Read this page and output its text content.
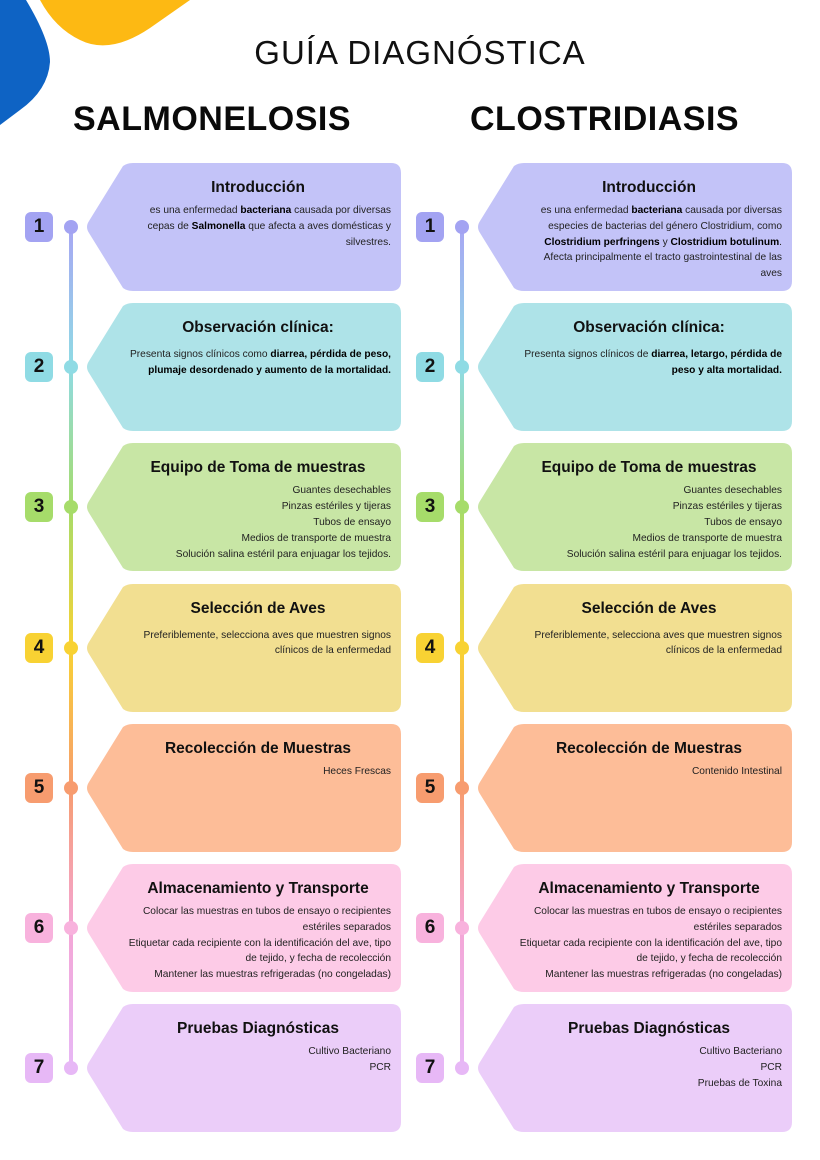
GUÍA DIAGNÓSTICA
SALMONELOSIS
1
Introducción
es una enfermedad bacteriana causada por diversas
cepas de Salmonella que afecta a aves domésticas y
silvestres.
2
Observación clínica:
Presenta signos clínicos como diarrea, pérdida de peso,
plumaje desordenado y aumento de la mortalidad.
3
Equipo de Toma de muestras
Guantes desechables
Pinzas estériles y tijeras
Tubos de ensayo
Medios de transporte de muestra
Solución salina estéril para enjuagar los tejidos.
4
Selección de Aves
Preferiblemente, selecciona aves que muestren signos
clínicos de la enfermedad
5
Recolección de Muestras
Heces Frescas
6
Almacenamiento y Transporte
Colocar las muestras en tubos de ensayo o recipientes
estériles separados
Etiquetar cada recipiente con la identificación del ave, tipo
de tejido, y fecha de recolección
Mantener las muestras refrigeradas (no congeladas)
7
Pruebas Diagnósticas
Cultivo Bacteriano
PCR
CLOSTRIDIASIS
1
Introducción
es una enfermedad bacteriana causada por diversas
especies de bacterias del género Clostridium, como
Clostridium perfringens y Clostridium botulinum.
Afecta principalmente el tracto gastrointestinal de las
aves
2
Observación clínica:
Presenta signos clínicos de diarrea, letargo, pérdida de
peso y alta mortalidad.
3
Equipo de Toma de muestras
Guantes desechables
Pinzas estériles y tijeras
Tubos de ensayo
Medios de transporte de muestra
Solución salina estéril para enjuagar los tejidos.
4
Selección de Aves
Preferiblemente, selecciona aves que muestren signos
clínicos de la enfermedad
5
Recolección de Muestras
Contenido Intestinal
6
Almacenamiento y Transporte
Colocar las muestras en tubos de ensayo o recipientes
estériles separados
Etiquetar cada recipiente con la identificación del ave, tipo
de tejido, y fecha de recolección
Mantener las muestras refrigeradas (no congeladas)
7
Pruebas Diagnósticas
Cultivo Bacteriano
PCR
Pruebas de Toxina
